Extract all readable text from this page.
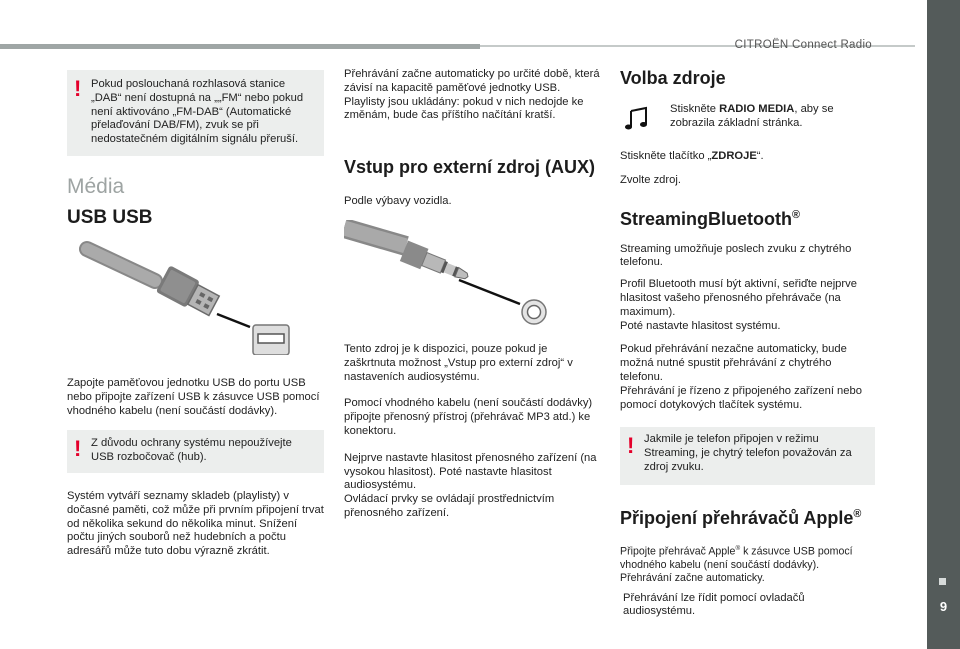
CITROËN Connect Radio
9
! Pokud poslouchaná rozhlasová stanice „DAB“ není dostupná na „„FM“ nebo pokud není aktivováno „FM-DAB“ (Automatické přelaďování DAB/FM), zvuk se při nedostatečném digitálním signálu přeruší.
Média
USB USB

Zapojte paměťovou jednotku USB do portu USB nebo připojte zařízení USB k zásuvce USB pomocí vhodného kabelu (není součástí dodávky).

! Z důvodu ochrany systému nepoužívejte USB rozbočovač (hub).

Systém vytváří seznamy skladeb (playlisty) v dočasné paměti, což může při prvním připojení trvat od několika sekund do několika minut. Snížení počtu jiných souborů než hudebních a počtu adresářů může tuto dobu výrazně zkrátit.

Přehrávání začne automaticky po určité době, která závisí na kapacitě paměťové jednotky USB. Playlisty jsou ukládány: pokud v nich nedojde ke změnám, bude čas příštího načítání kratší.

Vstup pro externí zdroj (AUX)

Podle výbavy vozidla.

Tento zdroj je k dispozici, pouze pokud je zaškrtnuta možnost „Vstup pro externí zdroj“ v nastaveních audiosystému.

Pomocí vhodného kabelu (není součástí dodávky) připojte přenosný přístroj (přehrávač MP3 atd.) ke konektoru.

Nejprve nastavte hlasitost přenosného zařízení (na vysokou hlasitost). Poté nastavte hlasitost audiosystému.

Ovládací prvky se ovládají prostřednictvím přenosného zařízení.

Volba zdroje

Stiskněte RADIO MEDIA, aby se zobrazila základní stránka.

Stiskněte tlačítko „ZDROJE“.

Zvolte zdroj.

StreamingBluetooth®

Streaming umožňuje poslech zvuku z chytrého telefonu.

Profil Bluetooth musí být aktivní, seřiďte nejprve hlasitost vašeho přenosného přehrávače (na maximum).

Poté nastavte hlasitost systému.

Pokud přehrávání nezačne automaticky, bude možná nutné spustit přehrávání z chytrého telefonu.

Přehrávání je řízeno z připojeného zařízení nebo pomocí dotykových tlačítek systému.

! Jakmile je telefon připojen v režimu Streaming, je chytrý telefon považován za zdroj zvuku.
Připojení přehrávačů Apple®

Připojte přehrávač Apple® k zásuvce USB pomocí vhodného kabelu (není součástí dodávky).

Přehrávání začne automaticky.

Přehrávání lze řídit pomocí ovladačů audiosystému.
